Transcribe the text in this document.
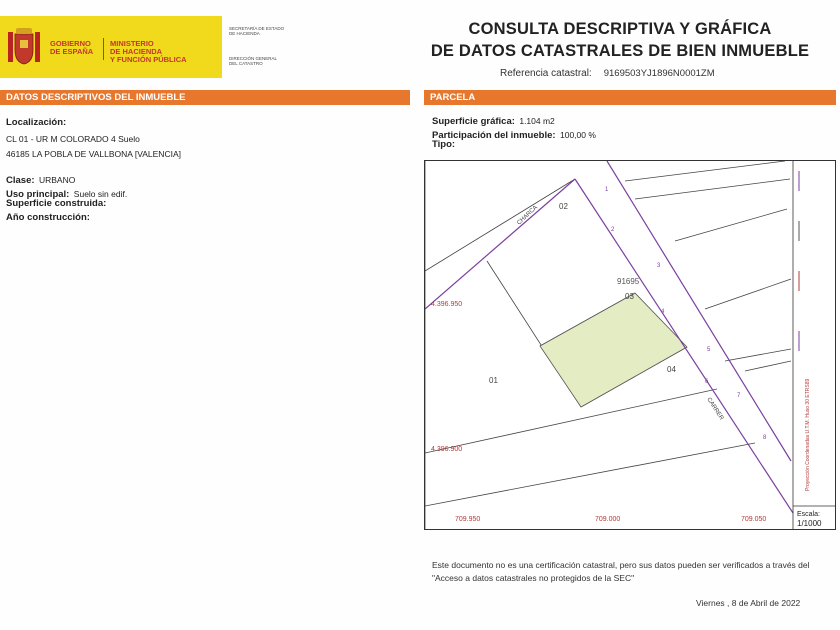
GOBIERNO
DE ESPAÑA
MINISTERIO
DE HACIENDA
Y FUNCIÓN PÚBLICA
SECRETARÍA DE ESTADO
DE HACIENDA
DIRECCIÓN GENERAL
DEL CATASTRO
CONSULTA DESCRIPTIVA Y GRÁFICA
DE DATOS CATASTRALES DE BIEN INMUEBLE
Referencia catastral: 9169503YJ1896N0001ZM
DATOS DESCRIPTIVOS DEL INMUEBLE	PARCELA
Localización:
CL 01 - UR M COLORADO 4 Suelo
46185 LA POBLA DE VALLBONA [VALENCIA]
Clase: URBANO
Uso principal: Suelo sin edif.
Superficie construida:
Año construcción:
Superficie gráfica: 1.104 m2
Participación del inmueble: 100,00 %
Tipo:
1
2
3
4
5
6
7
8
91695
01
02
03
04
CHARCA
CARRER
4.396.950
4.396.900
709.950	709.000	709.050
Proyección Coordenadas U.T.M. Huso 30 ETRS89
Escala:
1/1000
Este documento no es una certificación catastral, pero sus datos pueden ser verificados a través del "Acceso a datos catastrales no protegidos de la SEC"
Viernes , 8 de Abril de 2022
